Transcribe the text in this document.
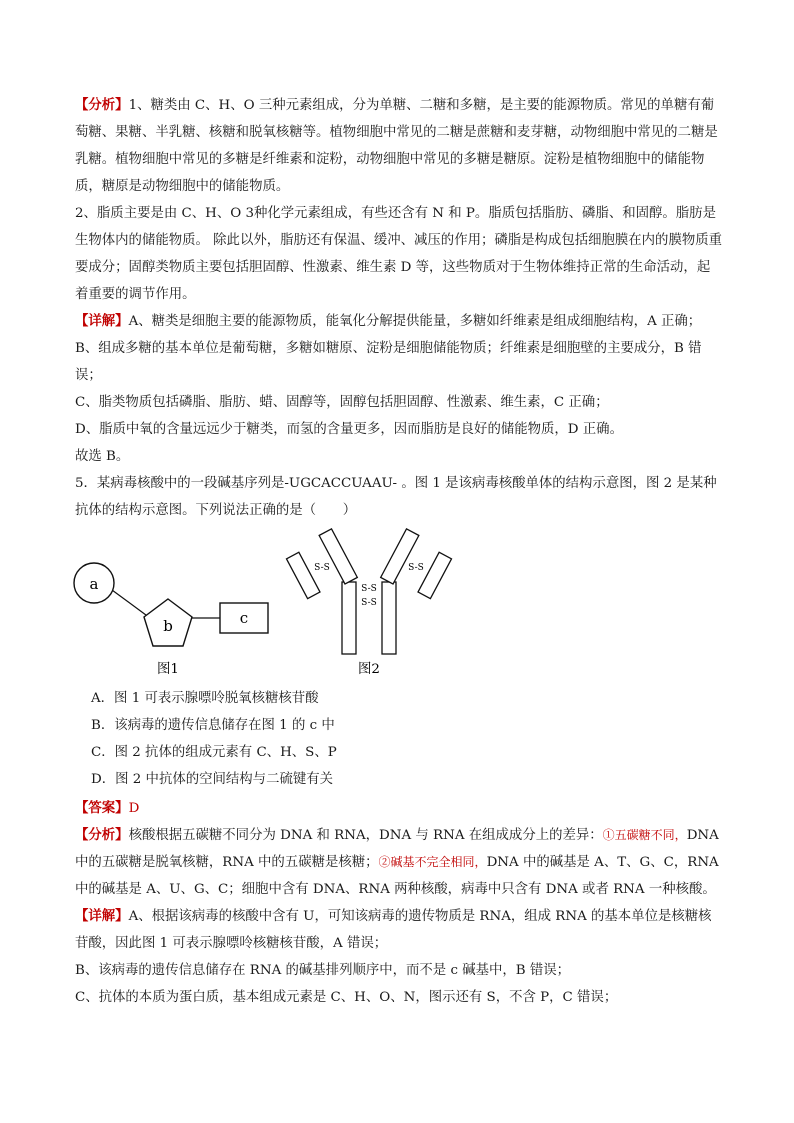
【分析】1、糖类由 C、H、O 三种元素组成，分为单糖、二糖和多糖，是主要的能源物质。常见的单糖有葡萄糖、果糖、半乳糖、核糖和脱氧核糖等。植物细胞中常见的二糖是蔗糖和麦芽糖，动物细胞中常见的二糖是乳糖。植物细胞中常见的多糖是纤维素和淀粉，动物细胞中常见的多糖是糖原。淀粉是植物细胞中的储能物质，糖原是动物细胞中的储能物质。

2、脂质主要是由 C、H、O 3种化学元素组成，有些还含有 N 和 P。脂质包括脂肪、磷脂、和固醇。脂肪是生物体内的储能物质。 除此以外，脂肪还有保温、缓冲、减压的作用；磷脂是构成包括细胞膜在内的膜物质重要成分；固醇类物质主要包括胆固醇、性激素、维生素 D 等，这些物质对于生物体维持正常的生命活动，起着重要的调节作用。

【详解】A、糖类是细胞主要的能源物质，能氧化分解提供能量，多糖如纤维素是组成细胞结构，A 正确；

B、组成多糖的基本单位是葡萄糖，多糖如糖原、淀粉是细胞储能物质；纤维素是细胞壁的主要成分，B 错误；

C、脂类物质包括磷脂、脂肪、蜡、固醇等，固醇包括胆固醇、性激素、维生素，C 正确；

D、脂质中氧的含量远远少于糖类，而氢的含量更多，因而脂肪是良好的储能物质，D 正确。

故选 B。

5．某病毒核酸中的一段碱基序列是-UGCACCUAAU- 。图 1 是该病毒核酸单体的结构示意图，图 2 是某种抗体的结构示意图。下列说法正确的是（　　）

a
b	c
图1
S-S	S-S
S-S
S-S
图2
A．图 1 可表示腺嘌呤脱氧核糖核苷酸
B．该病毒的遗传信息储存在图 1 的 c 中
C．图 2 抗体的组成元素有 C、H、S、P
D．图 2 中抗体的空间结构与二硫键有关

【答案】D

【分析】核酸根据五碳糖不同分为 DNA 和 RNA，DNA 与 RNA 在组成成分上的差异：①五碳糖不同，DNA 中的五碳糖是脱氧核糖，RNA 中的五碳糖是核糖；②碱基不完全相同，DNA 中的碱基是 A、T、G、C，RNA 中的碱基是 A、U、G、C；细胞中含有 DNA、RNA 两种核酸，病毒中只含有 DNA 或者 RNA 一种核酸。

【详解】A、根据该病毒的核酸中含有 U，可知该病毒的遗传物质是 RNA，组成 RNA 的基本单位是核糖核苷酸，因此图 1 可表示腺嘌呤核糖核苷酸，A 错误；

B、该病毒的遗传信息储存在 RNA 的碱基排列顺序中，而不是 c 碱基中，B 错误；

C、抗体的本质为蛋白质，基本组成元素是 C、H、O、N，图示还有 S，不含 P，C 错误；
